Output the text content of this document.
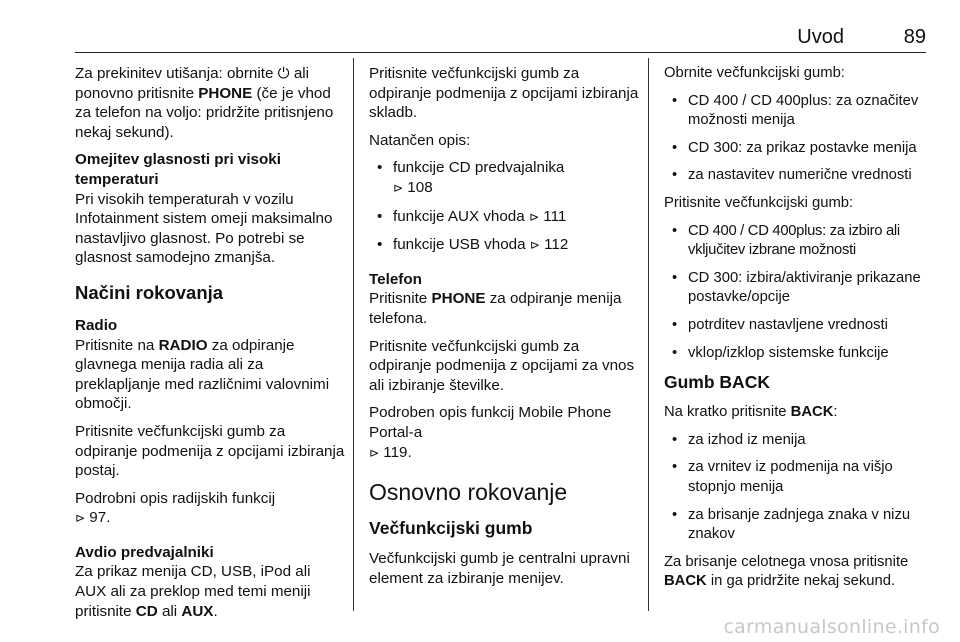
Uvod	89

Za prekinitev utišanja: obrnite ⏻ ali ponovno pritisnite PHONE (če je vhod za telefon na voljo: pridržite pritisnjeno nekaj sekund).

Omejitev glasnosti pri visoki temperaturi

Pri visokih temperaturah v vozilu Infotainment sistem omeji maksimalno nastavljivo glasnost. Po potrebi se glasnost samodejno zmanjša.

Načini rokovanja

Radio

Pritisnite na RADIO za odpiranje glavnega menija radia ali za preklapljanje med različnimi valovnimi območji.

Pritisnite večfunkcijski gumb za odpiranje podmenija z opcijami izbiranja postaj.

Podrobni opis radijskih funkcij
⊳ 97.

Avdio predvajalniki

Za prikaz menija CD, USB, iPod ali AUX ali za preklop med temi meniji pritisnite CD ali AUX.

Pritisnite večfunkcijski gumb za odpiranje podmenija z opcijami izbiranja skladb.

Natančen opis:

• funkcije CD predvajalnika
⊳ 108
• funkcije AUX vhoda ⊳ 111
• funkcije USB vhoda ⊳ 112

Telefon

Pritisnite PHONE za odpiranje menija telefona.

Pritisnite večfunkcijski gumb za odpiranje podmenija z opcijami za vnos ali izbiranje številke.

Podroben opis funkcij Mobile Phone Portal-a
⊳ 119.

Osnovno rokovanje
Večfunkcijski gumb

Večfunkcijski gumb je centralni upravni element za izbiranje menijev.

Obrnite večfunkcijski gumb:

• CD 400 / CD 400plus: za označitev možnosti menija
• CD 300: za prikaz postavke menija
• za nastavitev numerične vrednosti

Pritisnite večfunkcijski gumb:

• CD 400 / CD 400plus: za izbiro ali vključitev izbrane možnosti
• CD 300: izbira/aktiviranje prikazane postavke/opcije
• potrditev nastavljene vrednosti
• vklop/izklop sistemske funkcije
Gumb BACK

Na kratko pritisnite BACK:

• za izhod iz menija
• za vrnitev iz podmenija na višjo stopnjo menija
• za brisanje zadnjega znaka v nizu znakov

Za brisanje celotnega vnosa pritisnite BACK in ga pridržite nekaj sekund.

carmanualsonline.info
